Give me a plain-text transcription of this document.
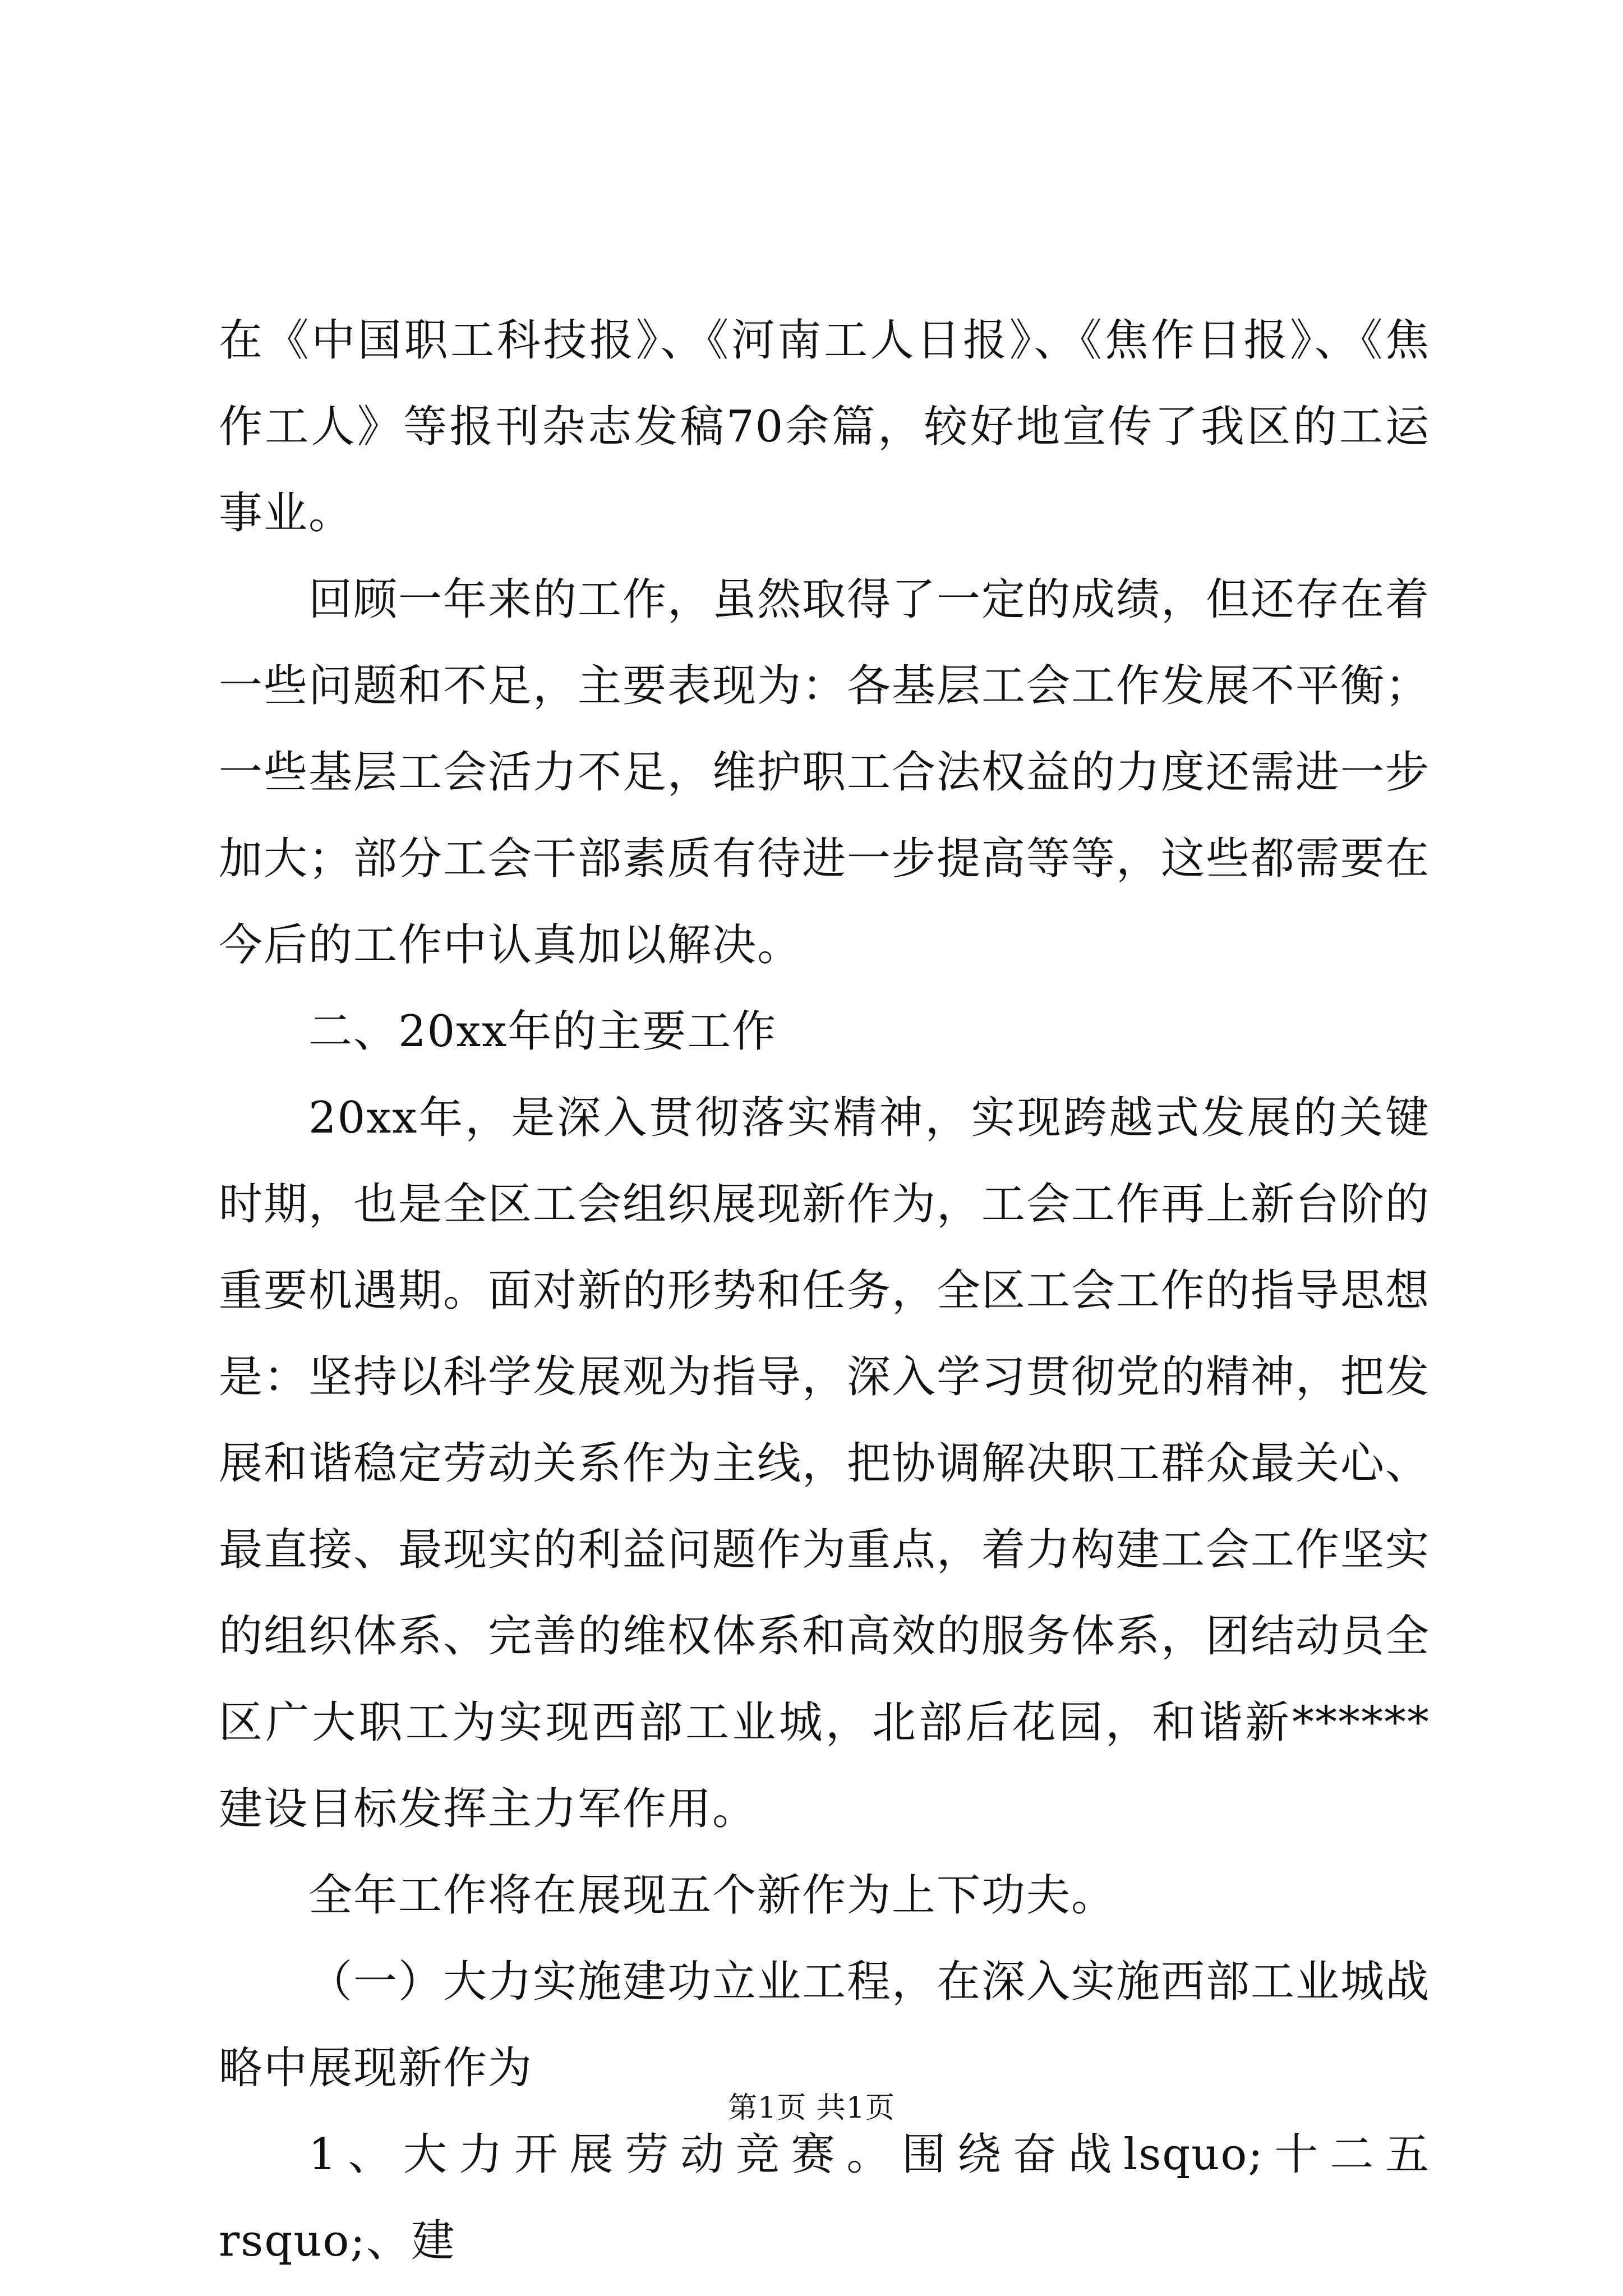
在《中国职工科技报》、《河南工人日报》、《焦作日报》、《焦作工人》等报刊杂志发稿70余篇，较好地宣传了我区的工运事业。

回顾一年来的工作，虽然取得了一定的成绩，但还存在着一些问题和不足，主要表现为：各基层工会工作发展不平衡；一些基层工会活力不足，维护职工合法权益的力度还需进一步加大；部分工会干部素质有待进一步提高等等，这些都需要在今后的工作中认真加以解决。

二、20xx年的主要工作

20xx年，是深入贯彻落实精神，实现跨越式发展的关键时期，也是全区工会组织展现新作为，工会工作再上新台阶的重要机遇期。面对新的形势和任务，全区工会工作的指导思想是：坚持以科学发展观为指导，深入学习贯彻党的精神，把发展和谐稳定劳动关系作为主线，把协调解决职工群众最关心、最直接、最现实的利益问题作为重点，着力构建工会工作坚实的组织体系、完善的维权体系和高效的服务体系，团结动员全区广大职工为实现西部工业城，北部后花园，和谐新******建设目标发挥主力军作用。

全年工作将在展现五个新作为上下功夫。

（一）大力实施建功立业工程，在深入实施西部工业城战略中展现新作为

1、大力开展劳动竞赛。围绕奋战lsquo;十二五rsquo;、建

第1页 共1页
